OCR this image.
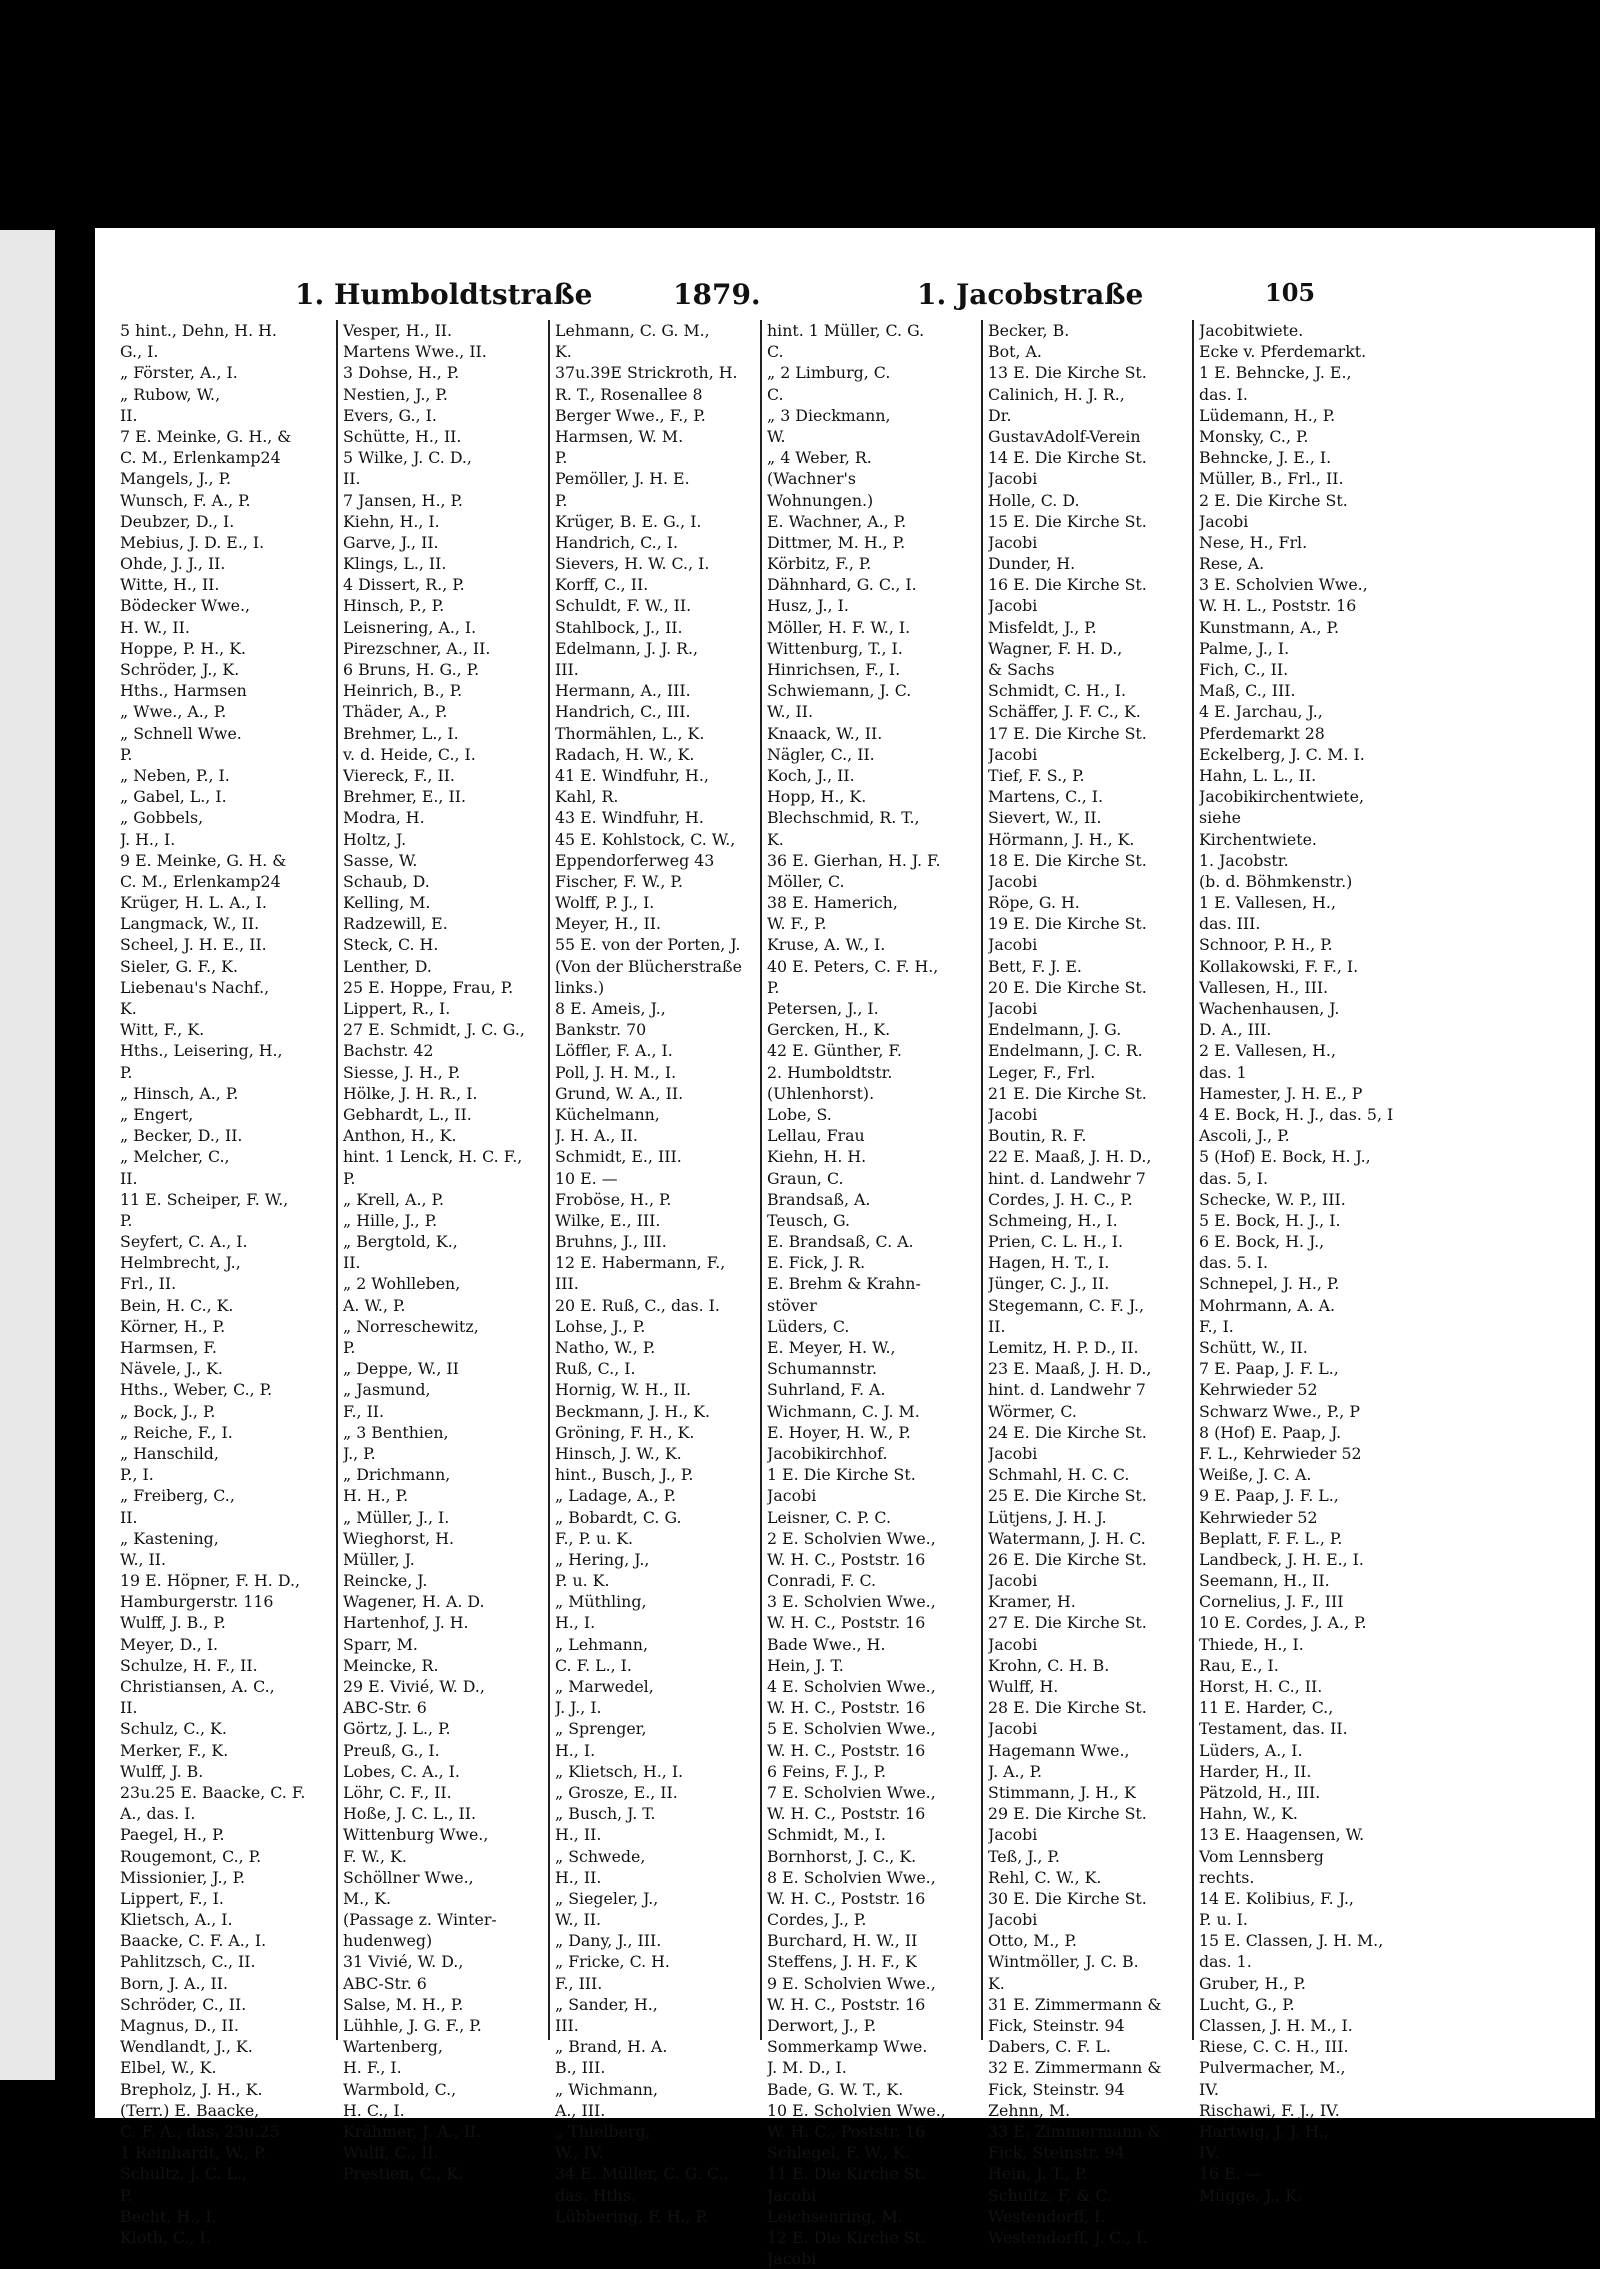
1. Humboldtstraße	1879.	1. Jacobstraße	105
5 hint., Dehn, H. H.
G., I.
„ Förster, A., I.
„ Rubow, W.,
II.
7 E. Meinke, G. H., &
C. M., Erlenkamp24
Mangels, J., P.
Wunsch, F. A., P.
Deubzer, D., I.
Mebius, J. D. E., I.
Ohde, J. J., II.
Witte, H., II.
Bödecker Wwe.,
H. W., II.
Hoppe, P. H., K.
Schröder, J., K.
Hths., Harmsen
„ Wwe., A., P.
„ Schnell Wwe.
P.
„ Neben, P., I.
„ Gabel, L., I.
„ Gobbels,
J. H., I.
9 E. Meinke, G. H. &
C. M., Erlenkamp24
Krüger, H. L. A., I.
Langmack, W., II.
Scheel, J. H. E., II.
Sieler, G. F., K.
Liebenau's Nachf.,
K.
Witt, F., K.
Hths., Leisering, H.,
P.
„ Hinsch, A., P.
„ Engert,
„ Becker, D., II.
„ Melcher, C.,
II.
11 E. Scheiper, F. W.,
P.
Seyfert, C. A., I.
Helmbrecht, J.,
Frl., II.
Bein, H. C., K.
Körner, H., P.
Harmsen, F.
Nävele, J., K.
Hths., Weber, C., P.
„ Bock, J., P.
„ Reiche, F., I.
„ Hanschild,
P., I.
„ Freiberg, C.,
II.
„ Kastening,
W., II.
19 E. Höpner, F. H. D.,
Hamburgerstr. 116
Wulff, J. B., P.
Meyer, D., I.
Schulze, H. F., II.
Christiansen, A. C.,
II.
Schulz, C., K.
Merker, F., K.
Wulff, J. B.
23u.25 E. Baacke, C. F.
A., das. I.
Paegel, H., P.
Rougemont, C., P.
Missionier, J., P.
Lippert, F., I.
Klietsch, A., I.
Baacke, C. F. A., I.
Pahlitzsch, C., II.
Born, J. A., II.
Schröder, C., II.
Magnus, D., II.
Wendlandt, J., K.
Elbel, W., K.
Brepholz, J. H., K.
(Terr.) E. Baacke,
C. F. A., das. 23u.25
1 Reinhardt, W., P.
Schultz, J. C. L.,
P.
Becht, H., I.
Kloth, C., I.
Vesper, H., II.
Martens Wwe., II.
3 Dohse, H., P.
Nestien, J., P.
Evers, G., I.
Schütte, H., II.
5 Wilke, J. C. D.,
II.
7 Jansen, H., P.
Kiehn, H., I.
Garve, J., II.
Klings, L., II.
4 Dissert, R., P.
Hinsch, P., P.
Leisnering, A., I.
Pirezschner, A., II.
6 Bruns, H. G., P.
Heinrich, B., P.
Thäder, A., P.
Brehmer, L., I.
v. d. Heide, C., I.
Viereck, F., II.
Brehmer, E., II.
Modra, H.
Holtz, J.
Sasse, W.
Schaub, D.
Kelling, M.
Radzewill, E.
Steck, C. H.
Lenther, D.
25 E. Hoppe, Frau, P.
Lippert, R., I.
27 E. Schmidt, J. C. G.,
Bachstr. 42
Siesse, J. H., P.
Hölke, J. H. R., I.
Gebhardt, L., II.
Anthon, H., K.
hint. 1 Lenck, H. C. F.,
P.
„ Krell, A., P.
„ Hille, J., P.
„ Bergtold, K.,
II.
„ 2 Wohlleben,
A. W., P.
„ Norreschewitz,
P.
„ Deppe, W., II
„ Jasmund,
F., II.
„ 3 Benthien,
J., P.
„ Drichmann,
H. H., P.
„ Müller, J., I.
Wieghorst, H.
Müller, J.
Reincke, J.
Wagener, H. A. D.
Hartenhof, J. H.
Sparr, M.
Meincke, R.
29 E. Vivié, W. D.,
ABC-Str. 6
Görtz, J. L., P.
Preuß, G., I.
Lobes, C. A., I.
Löhr, C. F., II.
Hoße, J. C. L., II.
Wittenburg Wwe.,
F. W., K.
Schöllner Wwe.,
M., K.
(Passage z. Winter-
hudenweg)
31 Vivié, W. D.,
ABC-Str. 6
Salse, M. H., P.
Lühhle, J. G. F., P.
Wartenberg,
H. F., I.
Warmbold, C.,
H. C., I.
Krähmer, J. A., II.
Wulff, C., II.
Prestien, C., K.
Lehmann, C. G. M.,
K.
37u.39E Strickroth, H.
R. T., Rosenallee 8
Berger Wwe., F., P.
Harmsen, W. M.
P.
Pemöller, J. H. E.
P.
Krüger, B. E. G., I.
Handrich, C., I.
Sievers, H. W. C., I.
Korff, C., II.
Schuldt, F. W., II.
Stahlbock, J., II.
Edelmann, J. J. R.,
III.
Hermann, A., III.
Handrich, C., III.
Thormählen, L., K.
Radach, H. W., K.
41 E. Windfuhr, H.,
Kahl, R.
43 E. Windfuhr, H.
45 E. Kohlstock, C. W.,
Eppendorferweg 43
Fischer, F. W., P.
Wolff, P. J., I.
Meyer, H., II.
55 E. von der Porten, J.
(Von der Blücherstraße
links.)
8 E. Ameis, J.,
Bankstr. 70
Löffler, F. A., I.
Poll, J. H. M., I.
Grund, W. A., II.
Küchelmann,
J. H. A., II.
Schmidt, E., III.
10 E. —
Froböse, H., P.
Wilke, E., III.
Bruhns, J., III.
12 E. Habermann, F.,
III.
20 E. Ruß, C., das. I.
Lohse, J., P.
Natho, W., P.
Ruß, C., I.
Hornig, W. H., II.
Beckmann, J. H., K.
Gröning, F. H., K.
Hinsch, J. W., K.
hint., Busch, J., P.
„ Ladage, A., P.
„ Bobardt, C. G.
F., P. u. K.
„ Hering, J.,
P. u. K.
„ Müthling,
H., I.
„ Lehmann,
C. F. L., I.
„ Marwedel,
J. J., I.
„ Sprenger,
H., I.
„ Klietsch, H., I.
„ Grosze, E., II.
„ Busch, J. T.
H., II.
„ Schwede,
H., II.
„ Siegeler, J.,
W., II.
„ Dany, J., III.
„ Fricke, C. H.
F., III.
„ Sander, H.,
III.
„ Brand, H. A.
B., III.
„ Wichmann,
A., III.
„ Thielberg,
W., IV.
34 E. Müller, C. G. C.,
das. Hths.
Lübbering, F. H., P.
hint. 1 Müller, C. G.
C.
„ 2 Limburg, C.
C.
„ 3 Dieckmann,
W.
„ 4 Weber, R.
(Wachner's
Wohnungen.)
E. Wachner, A., P.
Dittmer, M. H., P.
Körbitz, F., P.
Dähnhard, G. C., I.
Husz, J., I.
Möller, H. F. W., I.
Wittenburg, T., I.
Hinrichsen, F., I.
Schwiemann, J. C.
W., II.
Knaack, W., II.
Nägler, C., II.
Koch, J., II.
Hopp, H., K.
Blechschmid, R. T.,
K.
36 E. Gierhan, H. J. F.
Möller, C.
38 E. Hamerich,
W. F., P.
Kruse, A. W., I.
40 E. Peters, C. F. H.,
P.
Petersen, J., I.
Gercken, H., K.
42 E. Günther, F.
2. Humboldtstr.
(Uhlenhorst).
Lobe, S.
Lellau, Frau
Kiehn, H. H.
Graun, C.
Brandsaß, A.
Teusch, G.
E. Brandsaß, C. A.
E. Fick, J. R.
E. Brehm & Krahn-
stöver
Lüders, C.
E. Meyer, H. W.,
Schumannstr.
Suhrland, F. A.
Wichmann, C. J. M.
E. Hoyer, H. W., P.
Jacobikirchhof.
1 E. Die Kirche St.
Jacobi
Leisner, C. P. C.
2 E. Scholvien Wwe.,
W. H. C., Poststr. 16
Conradi, F. C.
3 E. Scholvien Wwe.,
W. H. C., Poststr. 16
Bade Wwe., H.
Hein, J. T.
4 E. Scholvien Wwe.,
W. H. C., Poststr. 16
5 E. Scholvien Wwe.,
W. H. C., Poststr. 16
6 Feins, F. J., P.
7 E. Scholvien Wwe.,
W. H. C., Poststr. 16
Schmidt, M., I.
Bornhorst, J. C., K.
8 E. Scholvien Wwe.,
W. H. C., Poststr. 16
Cordes, J., P.
Burchard, H. W., II
Steffens, J. H. F., K
9 E. Scholvien Wwe.,
W. H. C., Poststr. 16
Derwort, J., P.
Sommerkamp Wwe.
J. M. D., I.
Bade, G. W. T., K.
10 E. Scholvien Wwe.,
W. H. C., Poststr. 16
Schlegel, F. W., K.
11 E. Die Kirche St.
Jacobi
Leichsenring, M.
12 E. Die Kirche St.
Jacobi
Becker, B.
Bot, A.
13 E. Die Kirche St.
Calinich, H. J. R.,
Dr.
GustavAdolf-Verein
14 E. Die Kirche St.
Jacobi
Holle, C. D.
15 E. Die Kirche St.
Jacobi
Dunder, H.
16 E. Die Kirche St.
Jacobi
Misfeldt, J., P.
Wagner, F. H. D.,
& Sachs
Schmidt, C. H., I.
Schäffer, J. F. C., K.
17 E. Die Kirche St.
Jacobi
Tief, F. S., P.
Martens, C., I.
Sievert, W., II.
Hörmann, J. H., K.
18 E. Die Kirche St.
Jacobi
Röpe, G. H.
19 E. Die Kirche St.
Jacobi
Bett, F. J. E.
20 E. Die Kirche St.
Jacobi
Endelmann, J. G.
Endelmann, J. C. R.
Leger, F., Frl.
21 E. Die Kirche St.
Jacobi
Boutin, R. F.
22 E. Maaß, J. H. D.,
hint. d. Landwehr 7
Cordes, J. H. C., P.
Schmeing, H., I.
Prien, C. L. H., I.
Hagen, H. T., I.
Jünger, C. J., II.
Stegemann, C. F. J.,
II.
Lemitz, H. P. D., II.
23 E. Maaß, J. H. D.,
hint. d. Landwehr 7
Wörmer, C.
24 E. Die Kirche St.
Jacobi
Schmahl, H. C. C.
25 E. Die Kirche St.
Lütjens, J. H. J.
Watermann, J. H. C.
26 E. Die Kirche St.
Jacobi
Kramer, H.
27 E. Die Kirche St.
Jacobi
Krohn, C. H. B.
Wulff, H.
28 E. Die Kirche St.
Jacobi
Hagemann Wwe.,
J. A., P.
Stimmann, J. H., K
29 E. Die Kirche St.
Jacobi
Teß, J., P.
Rehl, C. W., K.
30 E. Die Kirche St.
Jacobi
Otto, M., P.
Wintmöller, J. C. B.
K.
31 E. Zimmermann &
Fick, Steinstr. 94
Dabers, C. F. L.
32 E. Zimmermann &
Fick, Steinstr. 94
Zehnn, M.
33 E. Zimmermann &
Fick, Steinstr. 94
Hein, J. T., P.
Schultz, F. & C.
Westendorff, I.
Westendorff, J. C., I.
Jacobitwiete.
Ecke v. Pferdemarkt.
1 E. Behncke, J. E.,
das. I.
Lüdemann, H., P.
Monsky, C., P.
Behncke, J. E., I.
Müller, B., Frl., II.
2 E. Die Kirche St.
Jacobi
Nese, H., Frl.
Rese, A.
3 E. Scholvien Wwe.,
W. H. L., Poststr. 16
Kunstmann, A., P.
Palme, J., I.
Fich, C., II.
Maß, C., III.
4 E. Jarchau, J.,
Pferdemarkt 28
Eckelberg, J. C. M. I.
Hahn, L. L., II.
Jacobikirchentwiete,
siehe
Kirchentwiete.
1. Jacobstr.
(b. d. Böhmkenstr.)
1 E. Vallesen, H.,
das. III.
Schnoor, P. H., P.
Kollakowski, F. F., I.
Vallesen, H., III.
Wachenhausen, J.
D. A., III.
2 E. Vallesen, H.,
das. 1
Hamester, J. H. E., P
4 E. Bock, H. J., das. 5, I
Ascoli, J., P.
5 (Hof) E. Bock, H. J.,
das. 5, I.
Schecke, W. P., III.
5 E. Bock, H. J., I.
6 E. Bock, H. J.,
das. 5. I.
Schnepel, J. H., P.
Mohrmann, A. A.
F., I.
Schütt, W., II.
7 E. Paap, J. F. L.,
Kehrwieder 52
Schwarz Wwe., P., P
8 (Hof) E. Paap, J.
F. L., Kehrwieder 52
Weiße, J. C. A.
9 E. Paap, J. F. L.,
Kehrwieder 52
Beplatt, F. F. L., P.
Landbeck, J. H. E., I.
Seemann, H., II.
Cornelius, J. F., III
10 E. Cordes, J. A., P.
Thiede, H., I.
Rau, E., I.
Horst, H. C., II.
11 E. Harder, C.,
Testament, das. II.
Lüders, A., I.
Harder, H., II.
Pätzold, H., III.
Hahn, W., K.
13 E. Haagensen, W.
Vom Lennsberg
rechts.
14 E. Kolibius, F. J.,
P. u. I.
15 E. Classen, J. H. M.,
das. 1.
Gruber, H., P.
Lucht, G., P.
Classen, J. H. M., I.
Riese, C. C. H., III.
Pulvermacher, M.,
IV.
Rischawi, F. J., IV.
Hartwig, J. J. H.,
IV.
16 E. —
Mügge, J., K.
